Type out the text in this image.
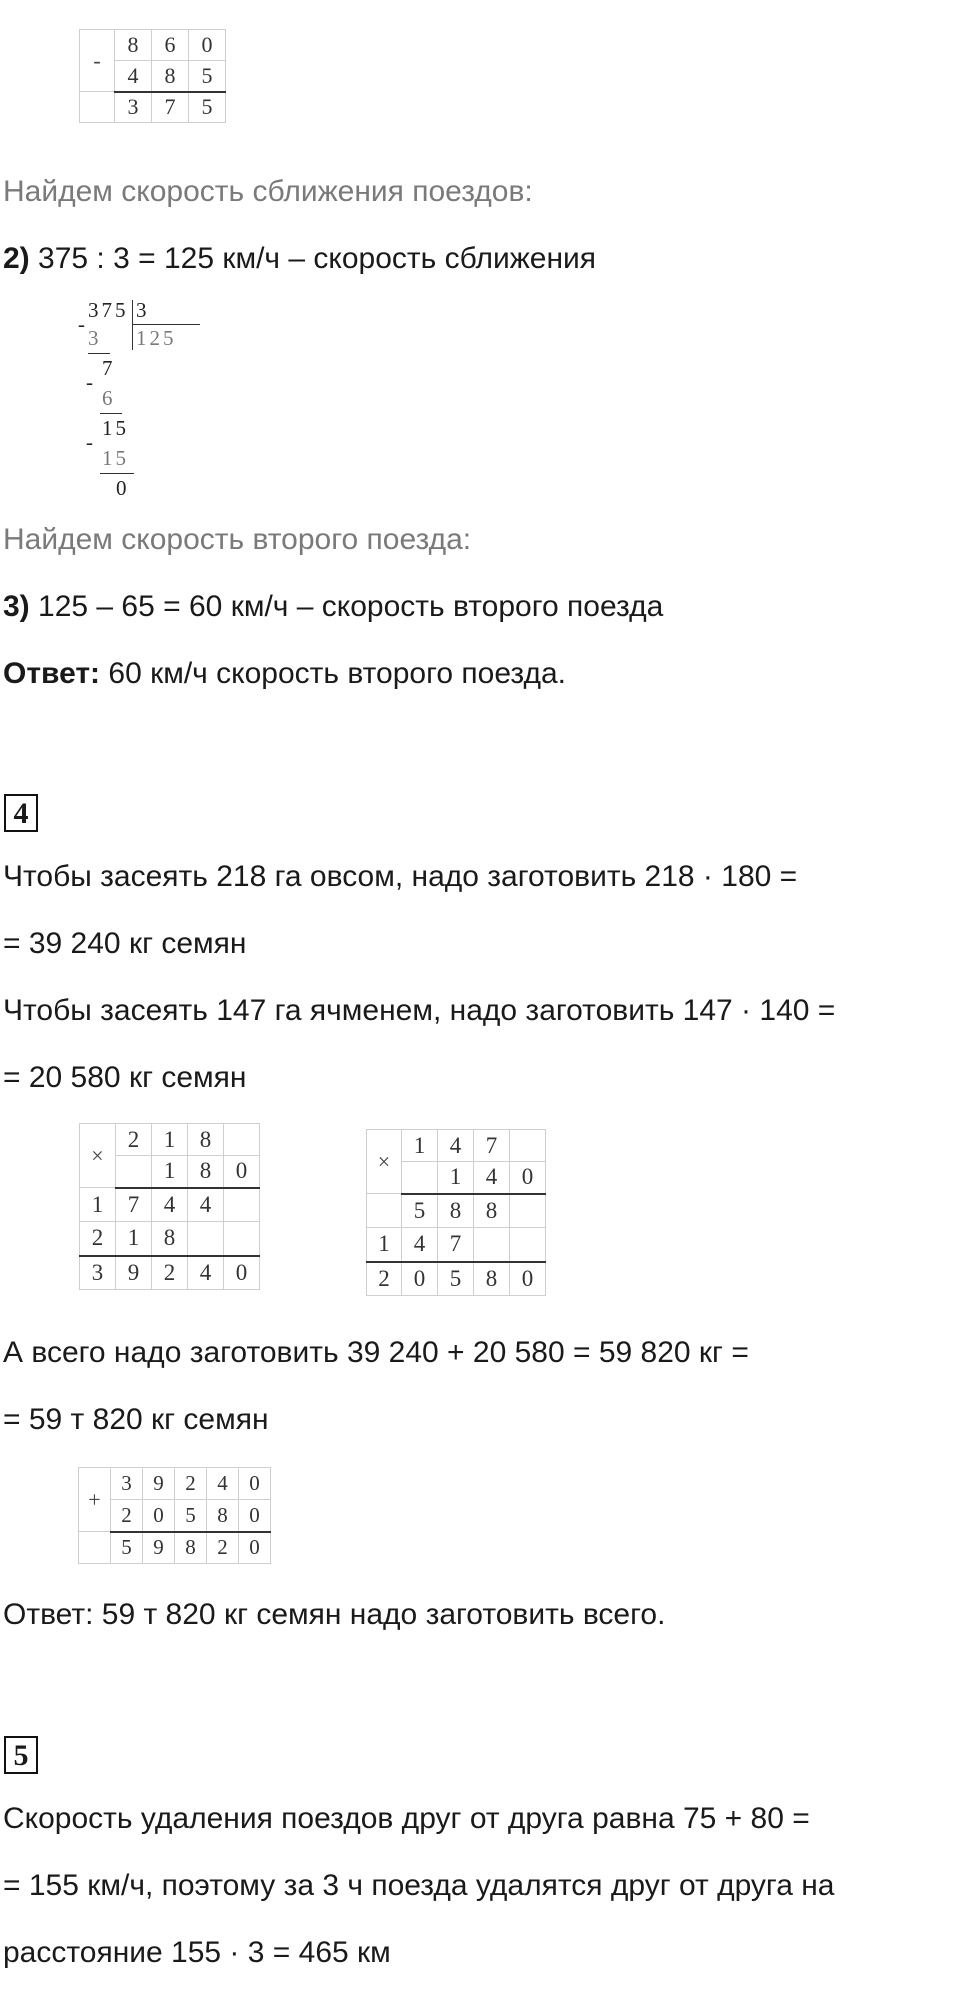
-	8	6	0
	4	8	5
	3	7	5
Найдем скорость сближения поездов:
2) 375 : 3 = 125 км/ч – скорость сближения
375 3
125
-
3
7
-
6
15
-
15
0
Найдем скорость второго поезда:
3) 125 – 65 = 60 км/ч – скорость второго поезда
Ответ: 60 км/ч скорость второго поезда.
4
Чтобы засеять 218 га овсом, надо заготовить 218 · 180 =
= 39 240 кг семян
Чтобы засеять 147 га ячменем, надо заготовить 147 · 140 =
= 20 580 кг семян
×	2	1	8	
		1	8	0
1	7	4	4	
2	1	8		
3	9	2	4	0
×	1	4	7	
		1	4	0
	5	8	8	
1	4	7		
2	0	5	8	0
А всего надо заготовить 39 240 + 20 580 = 59 820 кг =
= 59 т 820 кг семян
+	3	9	2	4	0
	2	0	5	8	0
	5	9	8	2	0
Ответ: 59 т 820 кг семян надо заготовить всего.
5
Скорость удаления поездов друг от друга равна 75 + 80 =
= 155 км/ч, поэтому за 3 ч поезда удалятся друг от друга на
расстояние 155 · 3 = 465 км
